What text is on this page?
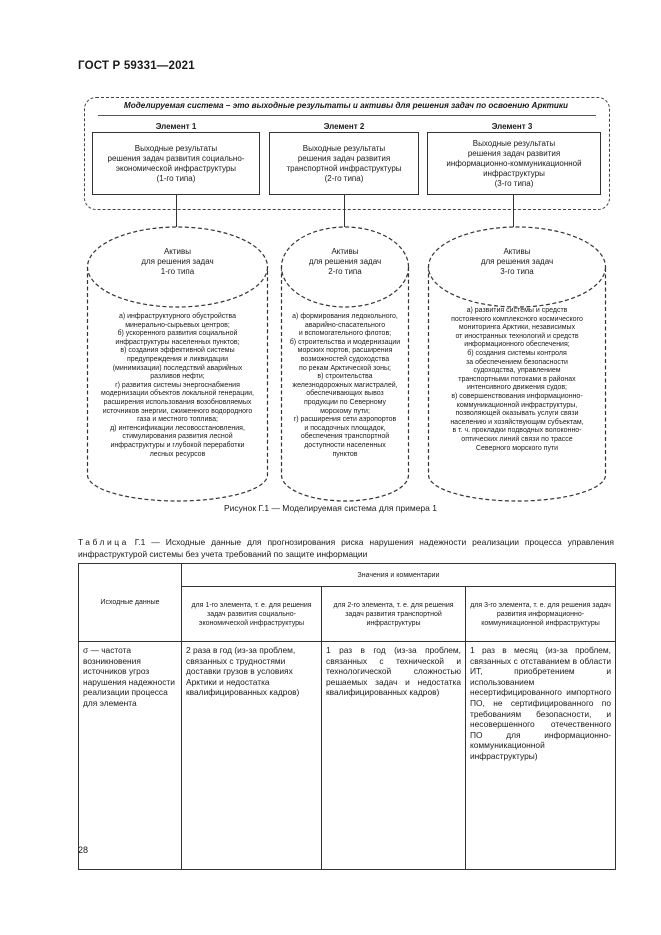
ГОСТ Р 59331—2021
Моделируемая система – это выходные результаты и активы для решения задач по освоению Арктики
Элемент 1	Элемент 2	Элемент 3
Выходные результаты
решения задач развития социально-
экономической инфраструктуры
(1-го типа)
Выходные результаты
решения задач развития
транспортной инфраструктуры
(2-го типа)
Выходные результаты
решения задач развития
информационно-коммуникационной
инфраструктуры
(3-го типа)
Активы
для решения задач
1-го типа
а) инфраструктурного обустройства
минерально-сырьевых центров;
б) ускоренного развития социальной
инфраструктуры населенных пунктов;
в) создания эффективной системы
предупреждения и ликвидации
(минимизации) последствий аварийных
разливов нефти;
г) развития системы энергоснабжения
модернизации объектов локальной генерации,
расширения использования возобновляемых
источников энергии, сжиженного водородного
газа и местного топлива;
д) интенсификации лесовосстановления,
стимулирования развития лесной
инфраструктуры и глубокой переработки
лесных ресурсов
Активы
для решения задач
2-го типа
а) формирования ледокольного,
аварийно-спасательного
и вспомогательного флотов;
б) строительства и модернизации
морских портов, расширения
возможностей судоходства
по рекам Арктической зоны;
в) строительства
железнодорожных магистралей,
обеспечивающих вывоз
продукции по Северному
морскому пути;
г) расширения сети аэропортов
и посадочных площадок,
обеспечения транспортной
доступности населенных
пунктов
Активы
для решения задач
3-го типа
а) развития системы и средств
постоянного комплексного космического
мониторинга Арктики, независимых
от иностранных технологий и средств
информационного обеспечения;
б) создания системы контроля
за обеспечением безопасности
судоходства, управлением
транспортными потоками в районах
интенсивного движения судов;
в) совершенствования информационно-
коммуникационной инфраструктуры,
позволяющей оказывать услуги связи
населению и хозяйствующим субъектам,
в т. ч. прокладки подводных волоконно-
оптических линий связи по трассе
Северного морского пути
Рисунок Г.1 — Моделируемая система для примера 1
Таблица Г.1 — Исходные данные для прогнозирования риска нарушения надежности реализации процесса управления инфраструктурой системы без учета требований по защите информации
Исходные данные	Значения и комментарии		
	для 1-го элемента, т. е. для решения задач развития социально-экономической инфраструктуры	для 2-го элемента, т. е. для решения задач развития транспортной инфраструктуры	для 3-го элемента, т. е. для решения задач развития информационно-коммуникационной инфраструктуры
σ — частота возникновения источников угроз нарушения надежности реализации процесса для элемента	2 раза в год (из-за проблем, связанных с трудностями доставки грузов в условиях Арктики и недостатка квалифицированных кадров)	1 раз в год (из-за проблем, связанных с технической и технологической сложностью решаемых задач и недостатка квалифицированных кадров)	1 раз в месяц (из-за проблем, связанных с отставанием в области ИТ, приобретением и использованием несертифицированного импортного ПО, не сертифицированного по требованиям безопасности, и несовершенного отечественного ПО для информационно-коммуникационной инфраструктуры)
28
